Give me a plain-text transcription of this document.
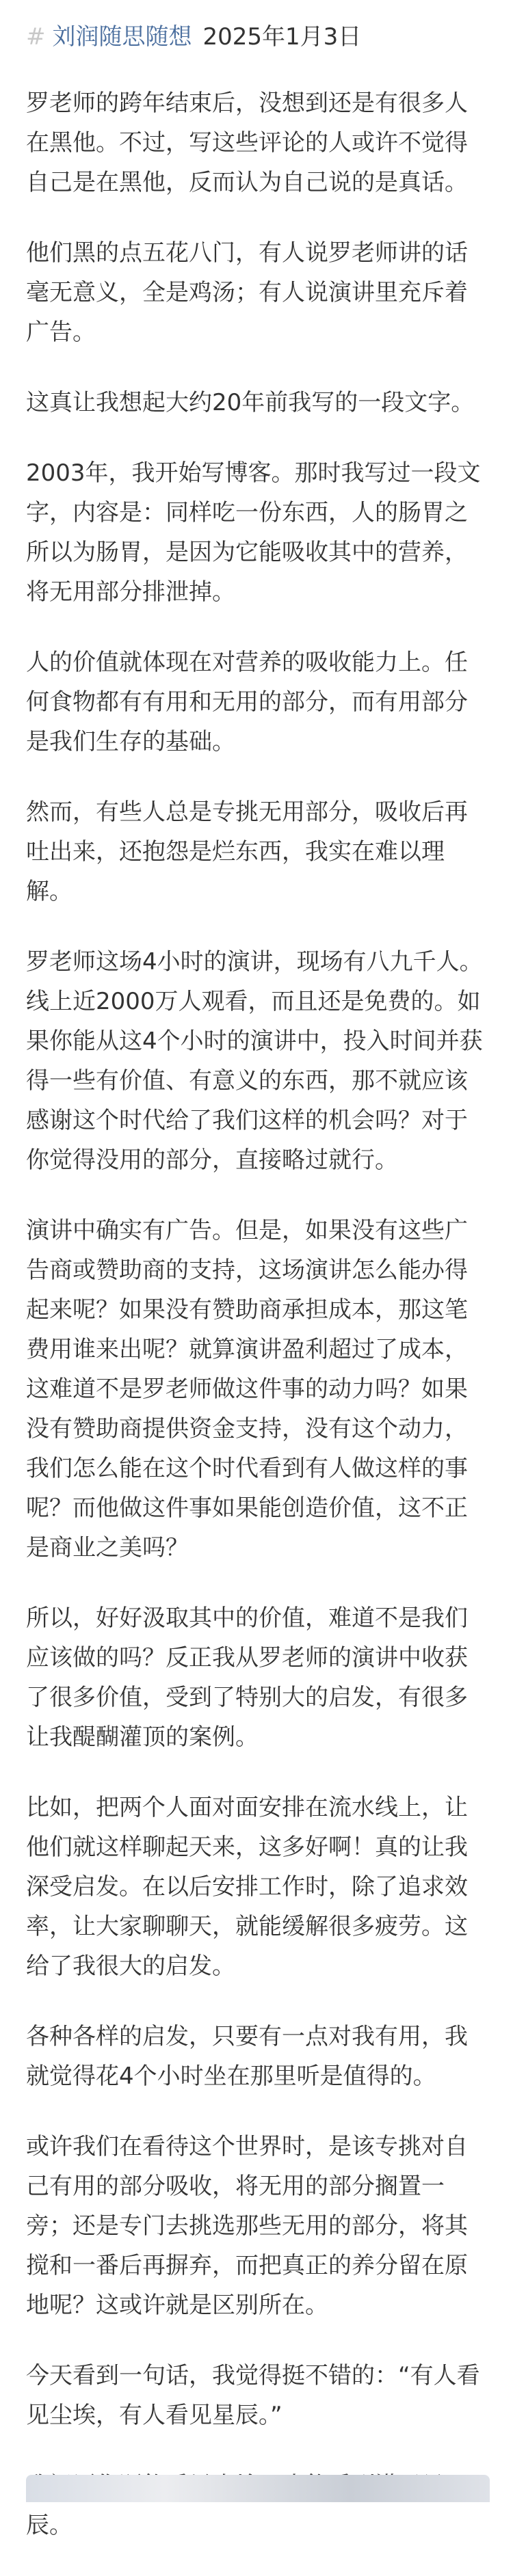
# 刘润随思随想 2025年1月3日

罗老师的跨年结束后，没想到还是有很多人在黑他。不过，写这些评论的人或许不觉得自己是在黑他，反而认为自己说的是真话。

他们黑的点五花八门，有人说罗老师讲的话毫无意义，全是鸡汤；有人说演讲里充斥着广告。

这真让我想起大约20年前我写的一段文字。

2003年，我开始写博客。那时我写过一段文字，内容是：同样吃一份东西，人的肠胃之所以为肠胃，是因为它能吸收其中的营养，将无用部分排泄掉。

人的价值就体现在对营养的吸收能力上。任何食物都有有用和无用的部分，而有用部分是我们生存的基础。

然而，有些人总是专挑无用部分，吸收后再吐出来，还抱怨是烂东西，我实在难以理解。

罗老师这场4小时的演讲，现场有八九千人。线上近2000万人观看，而且还是免费的。如果你能从这4个小时的演讲中，投入时间并获得一些有价值、有意义的东西，那不就应该感谢这个时代给了我们这样的机会吗？对于你觉得没用的部分，直接略过就行。

演讲中确实有广告。但是，如果没有这些广告商或赞助商的支持，这场演讲怎么能办得起来呢？如果没有赞助商承担成本，那这笔费用谁来出呢？就算演讲盈利超过了成本，这难道不是罗老师做这件事的动力吗？如果没有赞助商提供资金支持，没有这个动力，我们怎么能在这个时代看到有人做这样的事呢？而他做这件事如果能创造价值，这不正是商业之美吗？

所以，好好汲取其中的价值，难道不是我们应该做的吗？反正我从罗老师的演讲中收获了很多价值，受到了特别大的启发，有很多让我醍醐灌顶的案例。

比如，把两个人面对面安排在流水线上，让他们就这样聊起天来，这多好啊！真的让我深受启发。在以后安排工作时，除了追求效率，让大家聊聊天，就能缓解很多疲劳。这给了我很大的启发。

各种各样的启发，只要有一点对我有用，我就觉得花4个小时坐在那里听是值得的。

或许我们在看待这个世界时，是该专挑对自己有用的部分吸收，将无用的部分搁置一旁；还是专门去挑选那些无用的部分，将其搅和一番后再摒弃，而把真正的养分留在原地呢？这或许就是区别所在。

今天看到一句话，我觉得挺不错的：“有人看见尘埃，有人看见星辰。”

辰。
